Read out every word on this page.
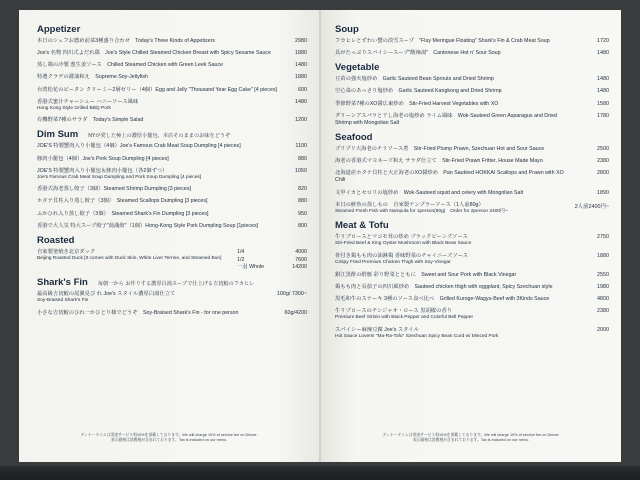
Appetizer
本日のシェフお薦め前菜3種盛り合わせ　Today's Three Kinds of Appetizers	2980
Joe's 名物 四川式よだれ鶏　Joe's Style Chilled Steamed Chicken Breast with Spicy Sesame Sauce	1880
蒸し鶏の冷製 葱生姜ソース　Chilled Steamed Chicken with Green Leek Sauce	1480
特選クラゲの醤油和え　Supreme Soy-Jellyfish	1880
台湾松花のピータン クリーミー2層ゼリー（4個）Egg and Jelly "Thousand Year Egg Cake" [4 pieces]	600
香港式蜜汁チャーシュー ハニーソース風味
Hong Kong Style Grilled BBQ Pork
1480
有機野菜7種のサラダ　Today's Simple Salad	1200
Dim Sum NYが愛した極上の濃厚小籠包、本店そのままのお味をどうぞ
JOE'S 特製蟹肉入り小籠包（4個）Joe's Famous Crab Meat Soup Dumpling [4 pieces]	1100
豚肉小籠包（4個）Joe's Pork Soup Dumpling [4 pieces]	880
JOE'S 特製蟹肉入り小籠包＆豚肉小籠包（各2個ずつ）
Joe's Famous Crab Meat Soup Dumpling and Pork Soup Dumpling [4 pieces]
1050
香港式海老蒸し餃子（3個）Steamed Shrimp Dumpling [3 pieces]	820
ホタテ貝柱入り蒸し餃子（3個）　Steamed Scallops Dumpling [3 pieces]	880
ふかひれ入り蒸し餃子（3個）　Steamed Shark's Fin Dumpling [3 pieces]	950
香港で大人気 特大スープ餃子"湯滿餃"（1個）Hong-Kong Style Pork Dumpling Soup [1pieces]	800
Roasted
自家製釜焼き北京ダック
Beijing Roasted Duck [It comes with Duck Skin, White Liver Terrine, and Steamed Bun]
1/4	4000
1/2	7600
一羽 Whole	14200
Shark's Fin 毎朝一から お作りする濃厚白湯スープで仕上げる吉切鮫のフカヒレ
最高級吉切鮫の尾翼見び れ Joe's スタイル濃厚白湯仕立て
Soy-Braised Shark's Fin
100g/ 7300~
小さな吉切鮫のひれ一かひとり様でどうぞ　Soy-Braised Shark's Fin - for one person	60g/4200
ディナータイムは別途サービス料10%を頂戴しております。We will charge 10% of service fee on Dinner.
表示価格は消費税が含まれております。Tax is included on our menu.
Soup
フカヒレとずわい蟹の淡雪スープ　"Fluy Meringue Floating" Shark's Fin & Crab Meat Soup	1720
具がたっぷりスパイシースープ"酸辣湯"　Cantonese Hot n' Sour Soup	1480
Vegetable
豆苗の強火塩炒め　Garlic Sauteed Bean Sprouts and Dried Shrimp	1480
空心菜のあっさり塩炒め　Garlic Sauteed Kangkong and Dried Shrimp	1480
季節野菜7種のXO醤広東炒め　Stir-Fried Harvest Vegetables with XO	1580
グリーンアスパラと干し海老の塩炒め ライム風味　Wok-Sauteed Green Asparagus and Dried Shrimp with Mongolian Salt
1780
Seafood
プリプリ大海老のチリソース煮　Stir-Fried Plump Prawn, Szechuan Hot and Sour Sauce	2500
海老の香港式マヨネーズ和え サラダ仕立て　Stir-Fried Prawn Fritter, House Made Mayo	2380
北海道産ホタテ貝柱と大正海老のXO醤炒め　Pan Sautéed HOKKAI Scallops and Prawn with XO Chili
2800
文甲イカとセロリの塩炒め　Wok-Sauteed squid and celery with Mongolian Salt	1890
本日の鮮魚の蒸しもの　自家製ナンプラーソース（1人前80g）
Steamed Fresh Fish with Nampula for 1person(80g)　Order for 2person 2400円~
2人前2400円~
Meat & Tofu
牛リブロースとマコモ茸の炒め ブラックビーンズソース
Stir-Fried Beef & King Oyster Mushroom with Black Bean Sauce
2750
骨付き鶏もも肉の油淋鶏 香味野菜のチャイニーズソース
Crispy Fried Premium Chicken Thigh with Soy-Vinegar
1880
銀江黒酢の酢豚 彩り野菜とともに　Sweet and Sour Pork with Black Vinegar	2550
鶏もも肉と長茄子の四川風炒め　Sauteed chicken thigh with eggplant, Spicy Szechuan style	1980
黒毛和牛のステーキ 3種のソース食べ比べ　Grilled Kuroge-Wagyu-Beef with 3Kinds Sauce	4800
牛リブロースのチンジャオ・ロース 黒胡椒の香り
Premium Beef Sirloin with Black Pepper and Colorful Bell Pepper
2380
スパイシー麻辣豆腐 Joe's スタイル
Hot Sauce Lovers! "Ma-Ra-Tofu" Szechuan Spicy Bean Curd w/ Minced Pork
2000
ディナータイムは別途サービス料10%を頂戴しております。We will charge 10% of service fee on Dinner.
表示価格は消費税が含まれております。Tax is included on our menu.
